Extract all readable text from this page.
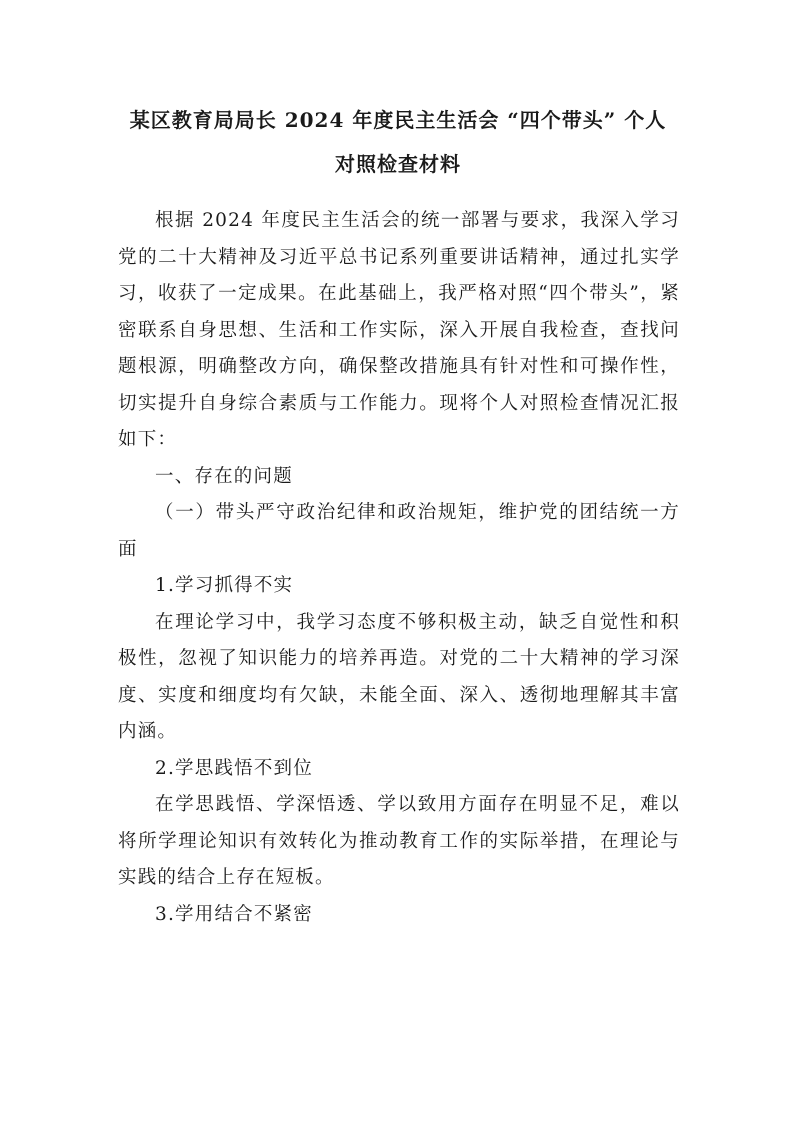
某区教育局局长 2024 年度民主生活会 “四个带头” 个人
对照检查材料

根据 2024 年度民主生活会的统一部署与要求，我深入学习党的二十大精神及习近平总书记系列重要讲话精神，通过扎实学习，收获了一定成果。在此基础上，我严格对照“四个带头”，紧密联系自身思想、生活和工作实际，深入开展自我检查，查找问题根源，明确整改方向，确保整改措施具有针对性和可操作性，切实提升自身综合素质与工作能力。现将个人对照检查情况汇报如下：

一、存在的问题

（一）带头严守政治纪律和政治规矩，维护党的团结统一方面

1.学习抓得不实

在理论学习中，我学习态度不够积极主动，缺乏自觉性和积极性，忽视了知识能力的培养再造。对党的二十大精神的学习深度、实度和细度均有欠缺，未能全面、深入、透彻地理解其丰富内涵。

2.学思践悟不到位

在学思践悟、学深悟透、学以致用方面存在明显不足，难以将所学理论知识有效转化为推动教育工作的实际举措，在理论与实践的结合上存在短板。

3.学用结合不紧密
